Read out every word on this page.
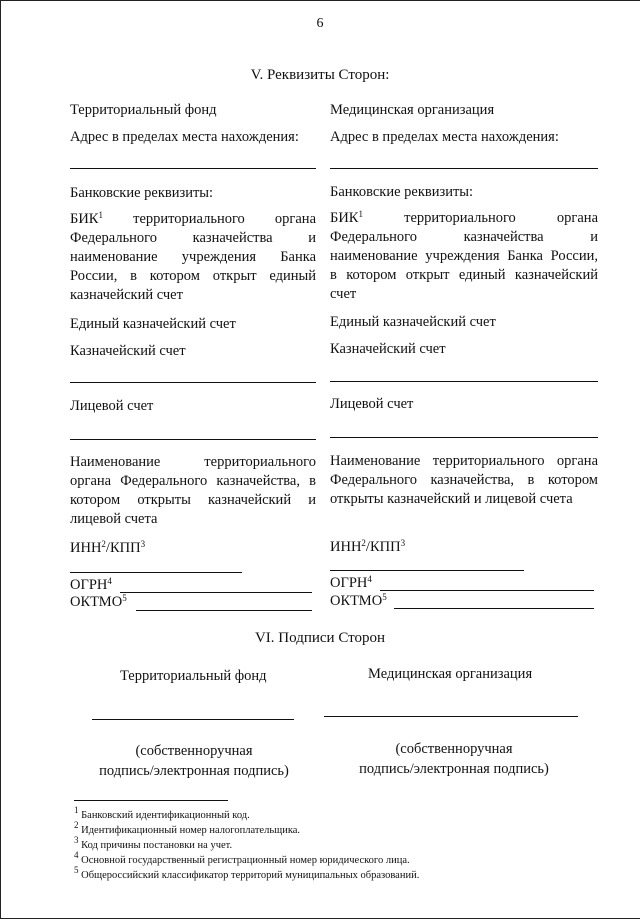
6
V. Реквизиты Сторон:
Территориальный фонд
Адрес в пределах места нахождения:
Банковские реквизиты:
БИК$^1$ территориального органа
Федерального казначейства и
наименование учреждения Банка
России, в котором открыт единый
казначейский счет
Единый казначейский счет
Казначейский счет
Лицевой счет
Наименование территориального
органа Федерального казначейства, в
котором открыты казначейский и
лицевой счета
ИНН$^2$/КПП$^3$
ОГРН$^4$
ОКТМО$^5$
Медицинская организация
Адрес в пределах места нахождения:
Банковские реквизиты:
БИК$^1$	территориального органа
Федерального казначейства и
наименование учреждения Банка России,
в котором открыт единый казначейский
счет
Единый казначейский счет
Казначейский счет
Лицевой счет
Наименование территориального органа
Федерального казначейства, в котором
открыты казначейский и лицевой счета
ИНН$^2$/КПП$^3$
ОГРН$^4$
ОКТМО$^5$
VI. Подписи Сторон
Территориальный фонд	Медицинская организация
(собственноручная
подпись/электронная подпись)
(собственноручная
подпись/электронная подпись)
$^1$ Банковский идентификационный код.
$^2$ Идентификационный номер налогоплательщика.
$^3$ Код причины постановки на учет.
$^4$ Основной государственный регистрационный номер юридического лица.
$^5$ Общероссийский классификатор территорий муниципальных образований.
